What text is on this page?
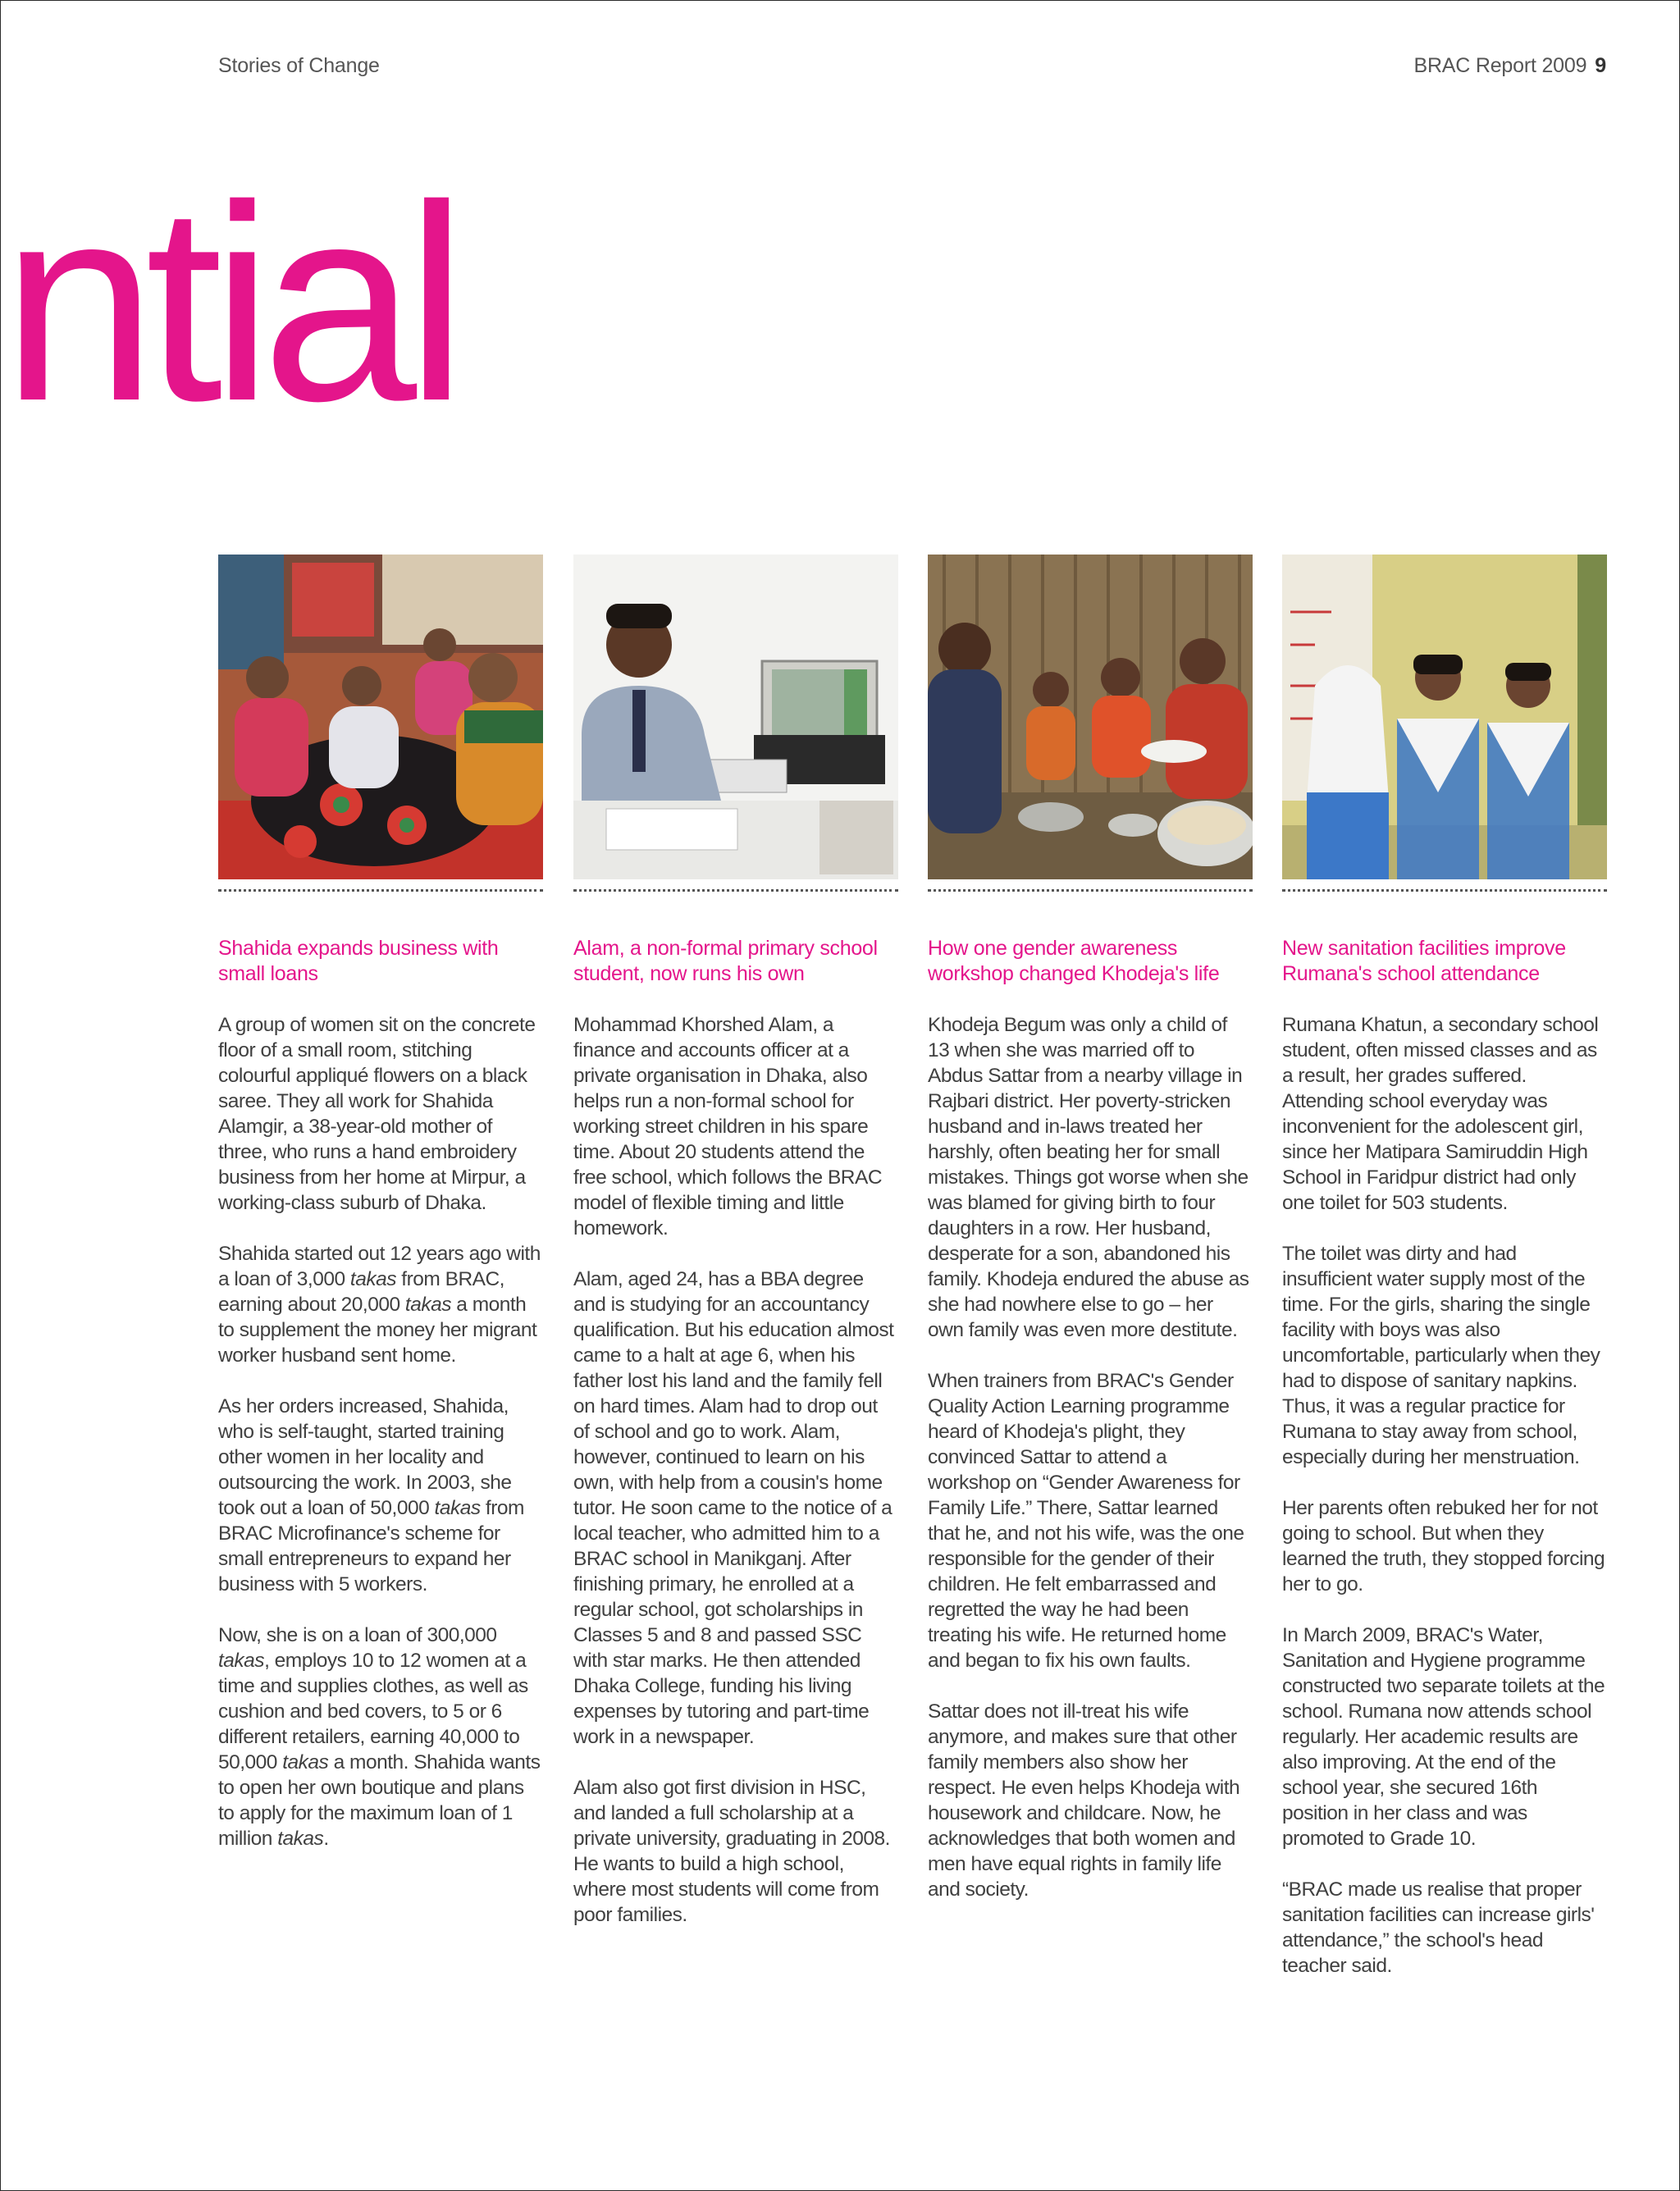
Stories of Change	BRAC Report 2009 9
ntial
Shahida expands business with small loans

A group of women sit on the concrete floor of a small room, stitching colourful appliqué flowers on a black saree. They all work for Shahida Alamgir, a 38-year-old mother of three, who runs a hand embroidery business from her home at Mirpur, a working-class suburb of Dhaka.

Shahida started out 12 years ago with a loan of 3,000 takas from BRAC, earning about 20,000 takas a month to supplement the money her migrant worker husband sent home.

As her orders increased, Shahida, who is self-taught, started training other women in her locality and outsourcing the work. In 2003, she took out a loan of 50,000 takas from BRAC Microfinance's scheme for small entrepreneurs to expand her business with 5 workers.

Now, she is on a loan of 300,000 takas, employs 10 to 12 women at a time and supplies clothes, as well as cushion and bed covers, to 5 or 6 different retailers, earning 40,000 to 50,000 takas a month. Shahida wants to open her own boutique and plans to apply for the maximum loan of 1 million takas.

Alam, a non-formal primary school student, now runs his own

Mohammad Khorshed Alam, a finance and accounts officer at a private organisation in Dhaka, also helps run a non-formal school for working street children in his spare time. About 20 students attend the free school, which follows the BRAC model of flexible timing and little homework.

Alam, aged 24, has a BBA degree and is studying for an accountancy qualification. But his education almost came to a halt at age 6, when his father lost his land and the family fell on hard times. Alam had to drop out of school and go to work. Alam, however, continued to learn on his own, with help from a cousin's home tutor. He soon came to the notice of a local teacher, who admitted him to a BRAC school in Manikganj. After finishing primary, he enrolled at a regular school, got scholarships in Classes 5 and 8 and passed SSC with star marks. He then attended Dhaka College, funding his living expenses by tutoring and part-time work in a newspaper.

Alam also got first division in HSC, and landed a full scholarship at a private university, graduating in 2008. He wants to build a high school, where most students will come from poor families.

How one gender awareness workshop changed Khodeja's life

Khodeja Begum was only a child of 13 when she was married off to Abdus Sattar from a nearby village in Rajbari district. Her poverty-stricken husband and in-laws treated her harshly, often beating her for small mistakes. Things got worse when she was blamed for giving birth to four daughters in a row. Her husband, desperate for a son, abandoned his family. Khodeja endured the abuse as she had nowhere else to go – her own family was even more destitute.

When trainers from BRAC's Gender Quality Action Learning programme heard of Khodeja's plight, they convinced Sattar to attend a workshop on “Gender Awareness for Family Life.” There, Sattar learned that he, and not his wife, was the one responsible for the gender of their children. He felt embarrassed and regretted the way he had been treating his wife. He returned home and began to fix his own faults.

Sattar does not ill-treat his wife anymore, and makes sure that other family members also show her respect. He even helps Khodeja with housework and childcare. Now, he acknowledges that both women and men have equal rights in family life and society.

New sanitation facilities improve Rumana's school attendance

Rumana Khatun, a secondary school student, often missed classes and as a result, her grades suffered. Attending school everyday was inconvenient for the adolescent girl, since her Matipara Samiruddin High School in Faridpur district had only one toilet for 503 students.

The toilet was dirty and had insufficient water supply most of the time. For the girls, sharing the single facility with boys was also uncomfortable, particularly when they had to dispose of sanitary napkins. Thus, it was a regular practice for Rumana to stay away from school, especially during her menstruation.

Her parents often rebuked her for not going to school. But when they learned the truth, they stopped forcing her to go.

In March 2009, BRAC's Water, Sanitation and Hygiene programme constructed two separate toilets at the school. Rumana now attends school regularly. Her academic results are also improving. At the end of the school year, she secured 16th position in her class and was promoted to Grade 10.

“BRAC made us realise that proper sanitation facilities can increase girls' attendance,” the school's head teacher said.
